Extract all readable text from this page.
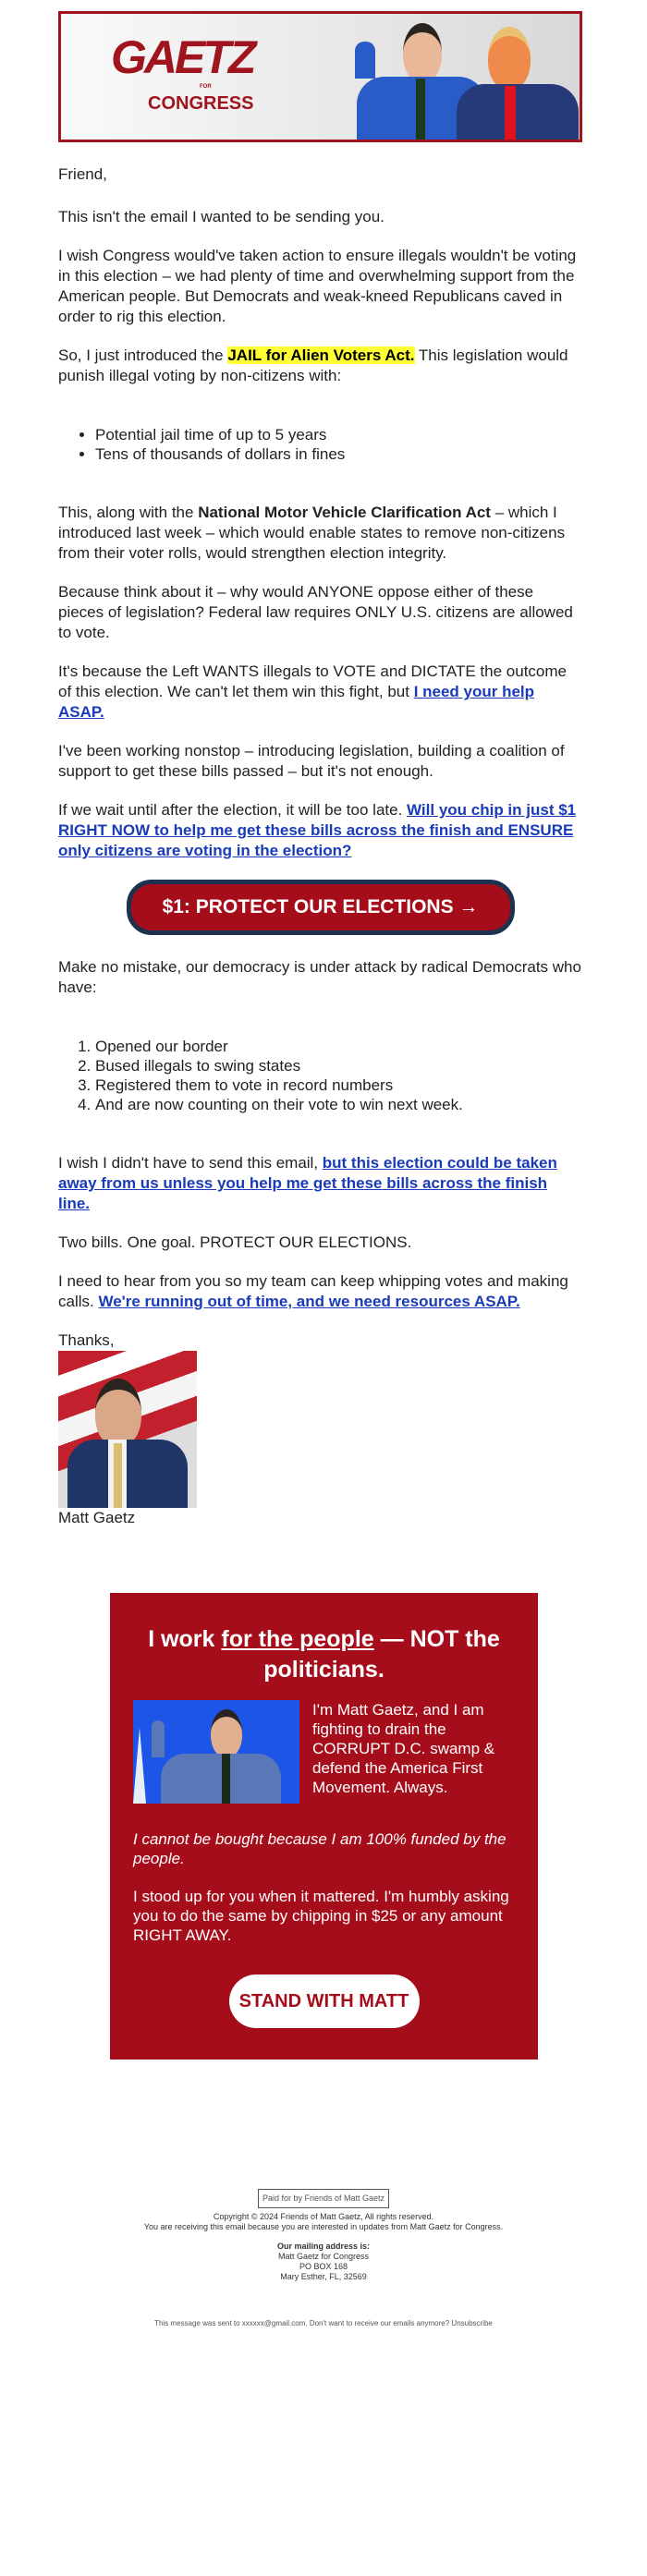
GAETZ
FOR
CONGRESS

Friend,

This isn't the email I wanted to be sending you.

I wish Congress would've taken action to ensure illegals wouldn't be voting in this election – we had plenty of time and overwhelming support from the American people. But Democrats and weak-kneed Republicans caved in order to rig this election.

So, I just introduced the JAIL for Alien Voters Act. This legislation would punish illegal voting by non-citizens with:

• Potential jail time of up to 5 years
• Tens of thousands of dollars in fines

This, along with the National Motor Vehicle Clarification Act – which I introduced last week – which would enable states to remove non-citizens from their voter rolls, would strengthen election integrity.

Because think about it – why would ANYONE oppose either of these pieces of legislation? Federal law requires ONLY U.S. citizens are allowed to vote.

It's because the Left WANTS illegals to VOTE and DICTATE the outcome of this election. We can't let them win this fight, but I need your help ASAP.

I've been working nonstop – introducing legislation, building a coalition of support to get these bills passed – but it's not enough.

If we wait until after the election, it will be too late. Will you chip in just $1 RIGHT NOW to help me get these bills across the finish and ENSURE only citizens are voting in the election?

$1: PROTECT OUR ELECTIONS →

Make no mistake, our democracy is under attack by radical Democrats who have:

1. Opened our border
2. Bused illegals to swing states
3. Registered them to vote in record numbers
4. And are now counting on their vote to win next week.

I wish I didn't have to send this email, but this election could be taken away from us unless you help me get these bills across the finish line.

Two bills. One goal. PROTECT OUR ELECTIONS.

I need to hear from you so my team can keep whipping votes and making calls. We're running out of time, and we need resources ASAP.

Thanks,
Matt Gaetz
I work for the people — NOT the politicians.
I'm Matt Gaetz, and I am fighting to drain the CORRUPT D.C. swamp & defend the America First Movement. Always.
I cannot be bought because I am 100% funded by the people.
I stood up for you when it mattered. I'm humbly asking you to do the same by chipping in $25 or any amount RIGHT AWAY.
STAND WITH MATT
Paid for by Friends of Matt Gaetz
Copyright © 2024 Friends of Matt Gaetz, All rights reserved.
You are receiving this email because you are interested in updates from Matt Gaetz for Congress.
Our mailing address is:
Matt Gaetz for Congress
PO BOX 168
Mary Esther, FL, 32569
This message was sent to xxxxxx@gmail.com. Don't want to receive our emails anymore? Unsubscribe
